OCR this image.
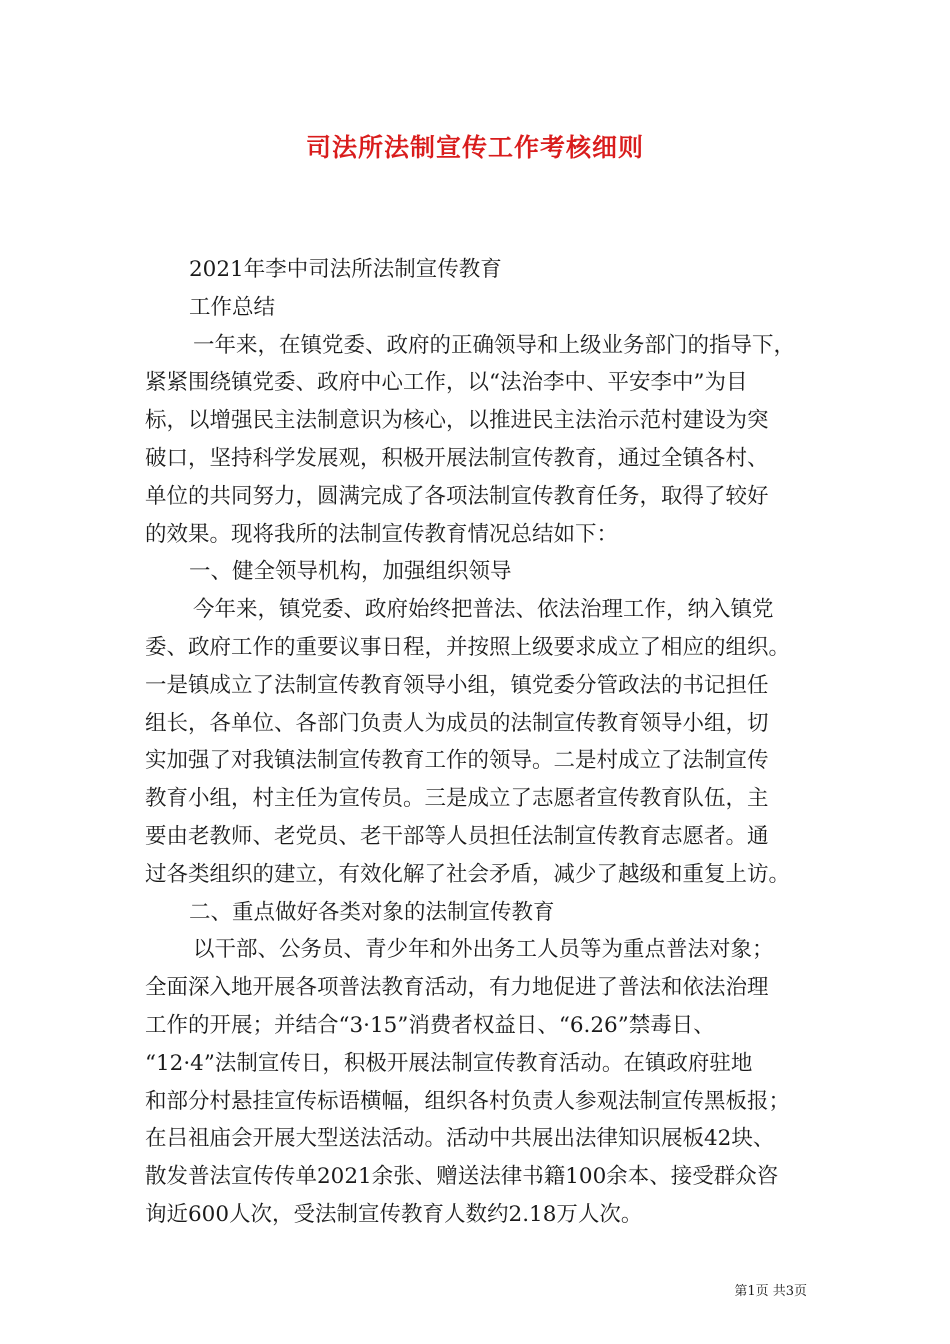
司法所法制宣传工作考核细则
2021年李中司法所法制宣传教育
工作总结
一年来，在镇党委、政府的正确领导和上级业务部门的指导下，
紧紧围绕镇党委、政府中心工作，以“法治李中、平安李中”为目
标，以增强民主法制意识为核心，以推进民主法治示范村建设为突
破口，坚持科学发展观，积极开展法制宣传教育，通过全镇各村、
单位的共同努力，圆满完成了各项法制宣传教育任务，取得了较好
的效果。现将我所的法制宣传教育情况总结如下：
一、健全领导机构，加强组织领导
今年来，镇党委、政府始终把普法、依法治理工作，纳入镇党
委、政府工作的重要议事日程，并按照上级要求成立了相应的组织。
一是镇成立了法制宣传教育领导小组，镇党委分管政法的书记担任
组长，各单位、各部门负责人为成员的法制宣传教育领导小组，切
实加强了对我镇法制宣传教育工作的领导。二是村成立了法制宣传
教育小组，村主任为宣传员。三是成立了志愿者宣传教育队伍，主
要由老教师、老党员、老干部等人员担任法制宣传教育志愿者。通
过各类组织的建立，有效化解了社会矛盾，减少了越级和重复上访。
二、重点做好各类对象的法制宣传教育
以干部、公务员、青少年和外出务工人员等为重点普法对象；
全面深入地开展各项普法教育活动，有力地促进了普法和依法治理
工作的开展；并结合“3·15”消费者权益日、“6.26”禁毒日、
“12·4”法制宣传日，积极开展法制宣传教育活动。在镇政府驻地
和部分村悬挂宣传标语横幅，组织各村负责人参观法制宣传黑板报；
在吕祖庙会开展大型送法活动。活动中共展出法律知识展板42块、
散发普法宣传传单2021余张、赠送法律书籍100余本、接受群众咨
询近600人次，受法制宣传教育人数约2.18万人次。
第1页 共3页
